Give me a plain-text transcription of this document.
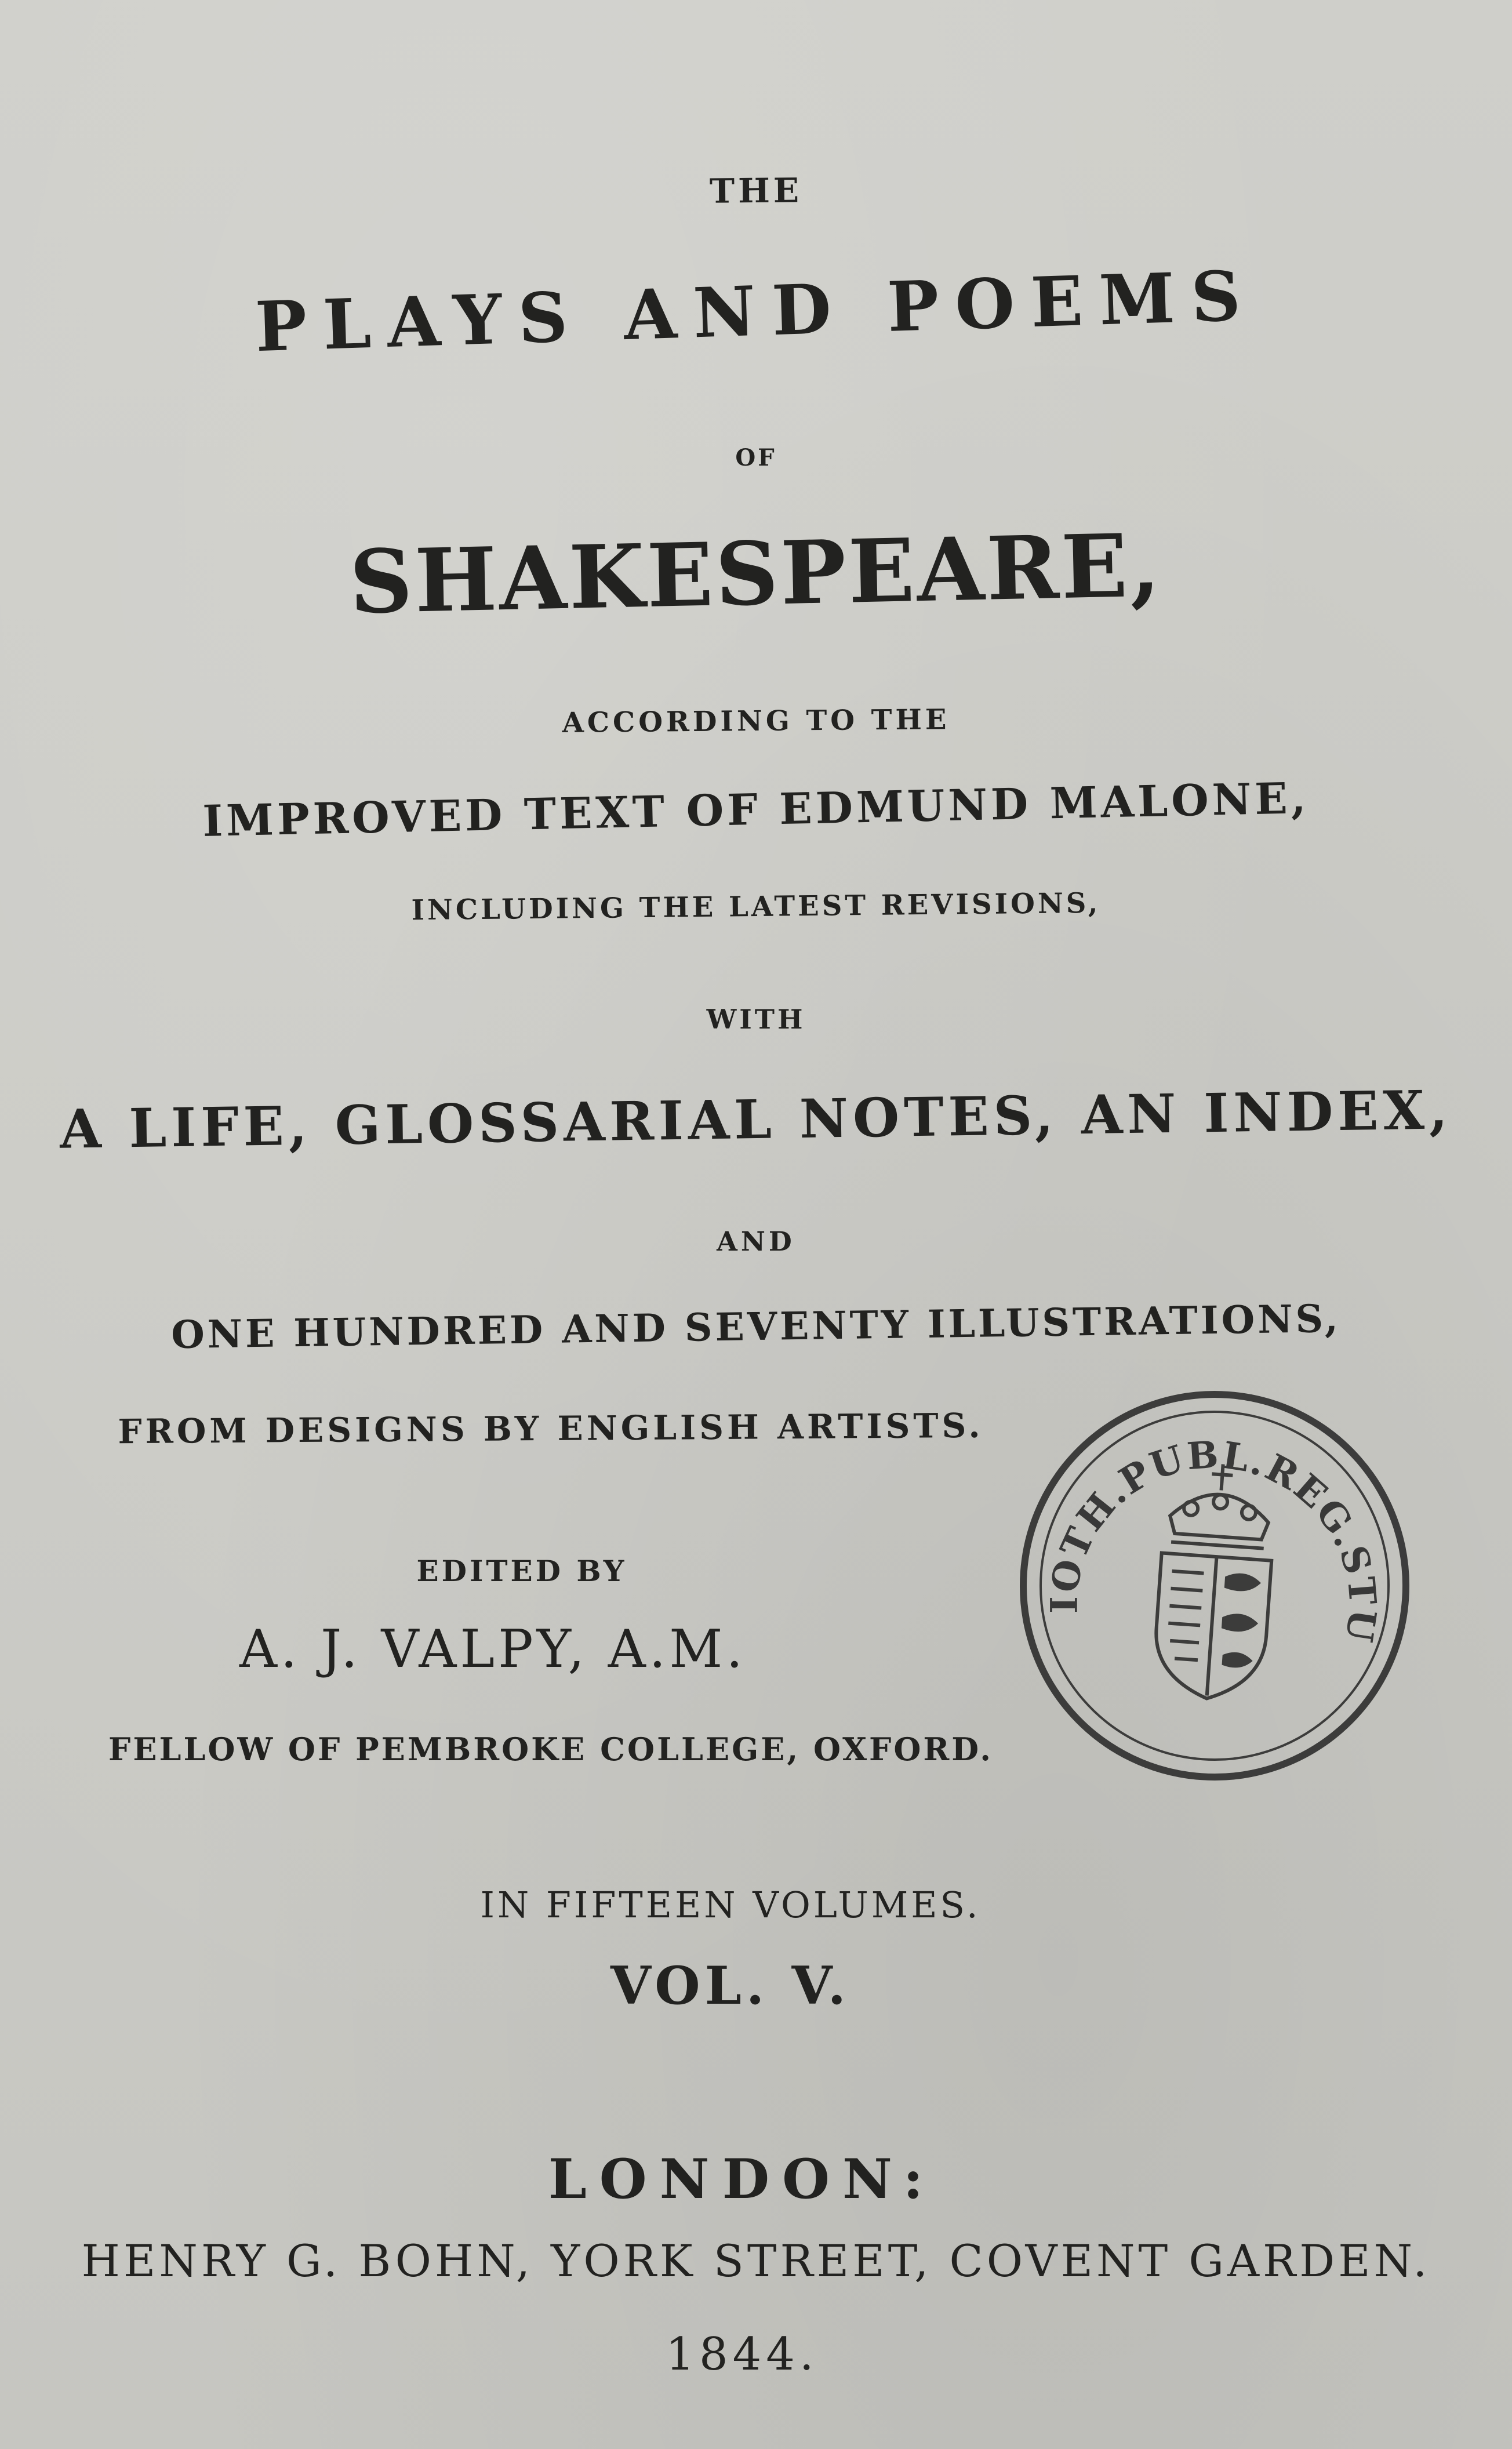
THE
PLAYS AND POEMS
OF
SHAKESPEARE,
ACCORDING TO THE
IMPROVED TEXT OF EDMUND MALONE,
INCLUDING THE LATEST REVISIONS,
WITH
A LIFE, GLOSSARIAL NOTES, AN INDEX,
AND
ONE HUNDRED AND SEVENTY ILLUSTRATIONS,
FROM DESIGNS BY ENGLISH ARTISTS.
EDITED BY
A. J. VALPY, A.M.
FELLOW OF PEMBROKE COLLEGE, OXFORD.
IN FIFTEEN VOLUMES.
VOL. V.
LONDON:
HENRY G. BOHN, YORK STREET, COVENT GARDEN.
1844.
BIBLIOTH.PUBL.REG.STUTTG.
